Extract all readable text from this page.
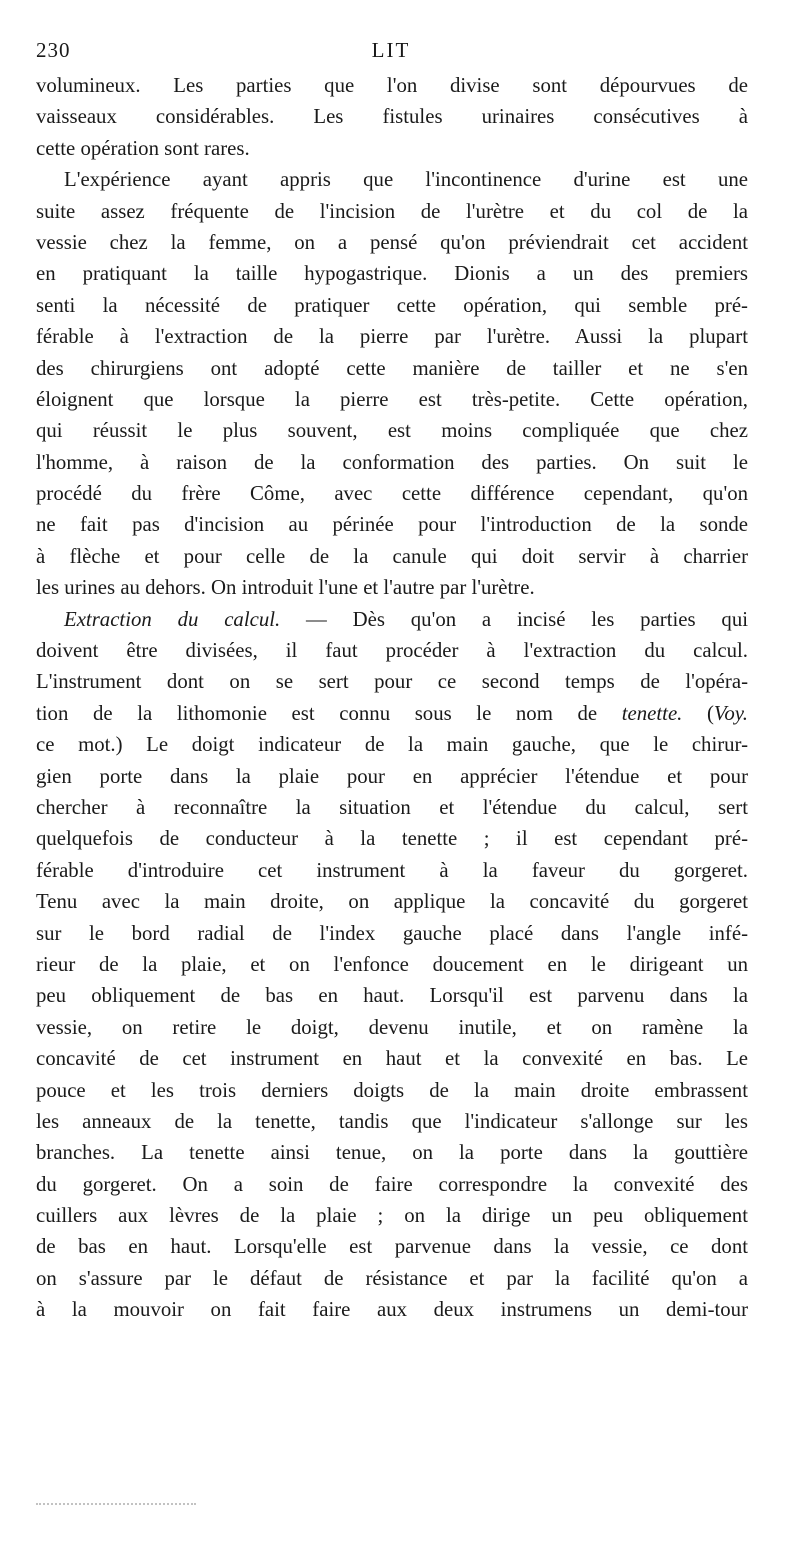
230	LIT
volumineux. Les parties que l'on divise sont dépourvues de
vaisseaux considérables. Les fistules urinaires consécutives à
cette opération sont rares.
L'expérience ayant appris que l'incontinence d'urine est une
suite assez fréquente de l'incision de l'urètre et du col de la
vessie chez la femme, on a pensé qu'on préviendrait cet accident
en pratiquant la taille hypogastrique. Dionis a un des premiers
senti la nécessité de pratiquer cette opération, qui semble pré-
férable à l'extraction de la pierre par l'urètre. Aussi la plupart
des chirurgiens ont adopté cette manière de tailler et ne s'en
éloignent que lorsque la pierre est très-petite. Cette opération,
qui réussit le plus souvent, est moins compliquée que chez
l'homme, à raison de la conformation des parties. On suit le
procédé du frère Côme, avec cette différence cependant, qu'on
ne fait pas d'incision au périnée pour l'introduction de la sonde
à flèche et pour celle de la canule qui doit servir à charrier
les urines au dehors. On introduit l'une et l'autre par l'urètre.
Extraction du calcul. — Dès qu'on a incisé les parties qui
doivent être divisées, il faut procéder à l'extraction du calcul.
L'instrument dont on se sert pour ce second temps de l'opéra-
tion de la lithomonie est connu sous le nom de tenette. (Voy.
ce mot.) Le doigt indicateur de la main gauche, que le chirur-
gien porte dans la plaie pour en apprécier l'étendue et pour
chercher à reconnaître la situation et l'étendue du calcul, sert
quelquefois de conducteur à la tenette ; il est cependant pré-
férable d'introduire cet instrument à la faveur du gorgeret.
Tenu avec la main droite, on applique la concavité du gorgeret
sur le bord radial de l'index gauche placé dans l'angle infé-
rieur de la plaie, et on l'enfonce doucement en le dirigeant un
peu obliquement de bas en haut. Lorsqu'il est parvenu dans la
vessie, on retire le doigt, devenu inutile, et on ramène la
concavité de cet instrument en haut et la convexité en bas. Le
pouce et les trois derniers doigts de la main droite embrassent
les anneaux de la tenette, tandis que l'indicateur s'allonge sur les
branches. La tenette ainsi tenue, on la porte dans la gouttière
du gorgeret. On a soin de faire correspondre la convexité des
cuillers aux lèvres de la plaie ; on la dirige un peu obliquement
de bas en haut. Lorsqu'elle est parvenue dans la vessie, ce dont
on s'assure par le défaut de résistance et par la facilité qu'on a
à la mouvoir on fait faire aux deux instrumens un demi-tour
